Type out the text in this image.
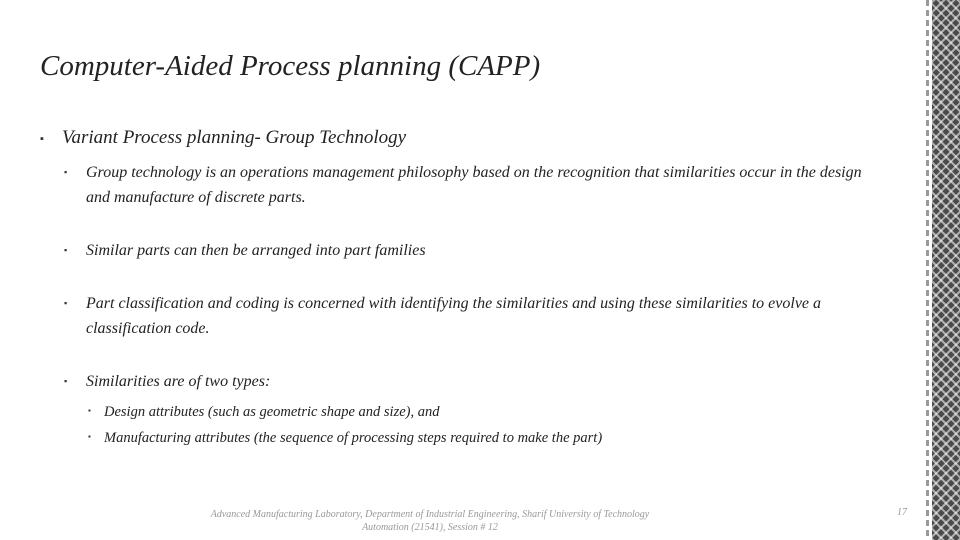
Computer-Aided Process planning (CAPP)
▪ Variant Process planning- Group Technology
▪ Group technology is an operations management philosophy based on the recognition that similarities occur in the design and manufacture of discrete parts.
▪ Similar parts can then be arranged into part families
▪ Part classification and coding is concerned with identifying the similarities and using these similarities to evolve a classification code.
▪ Similarities are of two types:
▪ Design attributes (such as geometric shape and size), and
▪ Manufacturing attributes (the sequence of processing steps required to make the part)
Advanced Manufacturing Laboratory, Department of Industrial Engineering, Sharif University of Technology
Automation (21541), Session # 12
17
